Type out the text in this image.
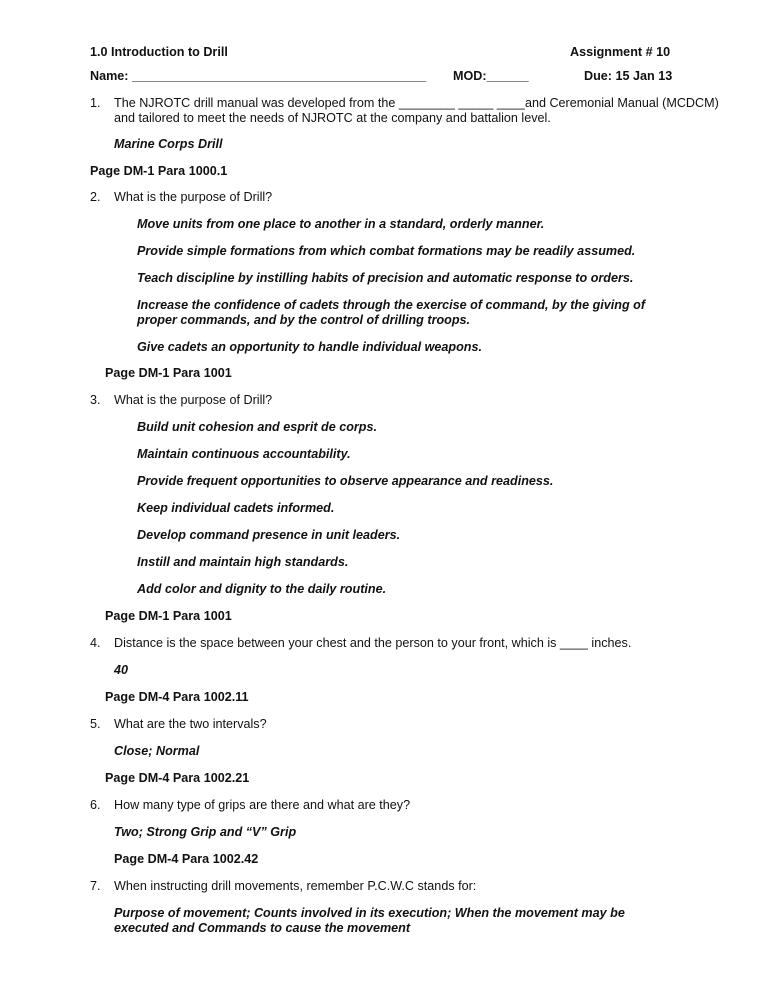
1.0 Introduction to Drill	Assignment # 10
Name: __________________________________________ MOD:______	Due: 15 Jan 13
1. The NJROTC drill manual was developed from the ________ _____ ____and Ceremonial Manual (MCDCM) and tailored to meet the needs of NJROTC at the company and battalion level.
Marine Corps Drill
Page DM-1 Para 1000.1
2. What is the purpose of Drill?
Move units from one place to another in a standard, orderly manner.
Provide simple formations from which combat formations may be readily assumed.
Teach discipline by instilling habits of precision and automatic response to orders.
Increase the confidence of cadets through the exercise of command, by the giving of proper commands, and by the control of drilling troops.
Give cadets an opportunity to handle individual weapons.
Page DM-1 Para 1001
3. What is the purpose of Drill?
Build unit cohesion and esprit de corps.
Maintain continuous accountability.
Provide frequent opportunities to observe appearance and readiness.
Keep individual cadets informed.
Develop command presence in unit leaders.
Instill and maintain high standards.
Add color and dignity to the daily routine.
Page DM-1 Para 1001
4. Distance is the space between your chest and the person to your front, which is ____ inches.
40
Page DM-4 Para 1002.11
5. What are the two intervals?
Close; Normal
Page DM-4 Para 1002.21
6. How many type of grips are there and what are they?
Two; Strong Grip and “V” Grip
Page DM-4 Para 1002.42
7. When instructing drill movements, remember P.C.W.C stands for:
Purpose of movement; Counts involved in its execution; When the movement may be executed and Commands to cause the movement
